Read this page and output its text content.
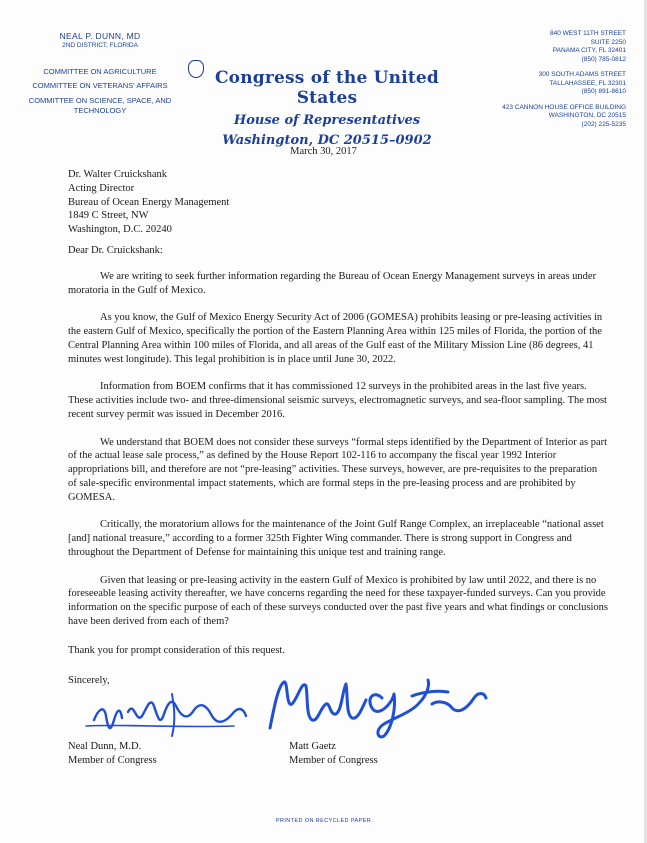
NEAL P. DUNN, MD
2ND DISTRICT, FLORIDA
COMMITTEE ON AGRICULTURE
COMMITTEE ON VETERANS' AFFAIRS
COMMITTEE ON SCIENCE, SPACE, AND TECHNOLOGY
Congress of the United States
House of Representatives
Washington, DC 20515–0902
840 WEST 11TH STREET
SUITE 2250
PANAMA CITY, FL 32401
(850) 785-0812
300 SOUTH ADAMS STREET
TALLAHASSEE, FL 32301
(850) 891-8610
423 CANNON HOUSE OFFICE BUILDING
WASHINGTON, DC 20515
(202) 225-5235
March 30, 2017
Dr. Walter Cruickshank
Acting Director
Bureau of Ocean Energy Management
1849 C Street, NW
Washington, D.C. 20240
Dear Dr. Cruickshank:

We are writing to seek further information regarding the Bureau of Ocean Energy Management surveys in areas under moratoria in the Gulf of Mexico.

As you know, the Gulf of Mexico Energy Security Act of 2006 (GOMESA) prohibits leasing or pre-leasing activities in the eastern Gulf of Mexico, specifically the portion of the Eastern Planning Area within 125 miles of Florida, the portion of the Central Planning Area within 100 miles of Florida, and all areas of the Gulf east of the Military Mission Line (86 degrees, 41 minutes west longitude). This legal prohibition is in place until June 30, 2022.

Information from BOEM confirms that it has commissioned 12 surveys in the prohibited areas in the last five years. These activities include two- and three-dimensional seismic surveys, electromagnetic surveys, and sea-floor sampling. The most recent survey permit was issued in December 2016.

We understand that BOEM does not consider these surveys “formal steps identified by the Department of Interior as part of the actual lease sale process,” as defined by the House Report 102-116 to accompany the fiscal year 1992 Interior appropriations bill, and therefore are not “pre-leasing” activities. These surveys, however, are pre-requisites to the preparation of sale-specific environmental impact statements, which are formal steps in the pre-leasing process and are prohibited by GOMESA.

Critically, the moratorium allows for the maintenance of the Joint Gulf Range Complex, an irreplaceable “national asset [and] national treasure,” according to a former 325th Fighter Wing commander. There is strong support in Congress and throughout the Department of Defense for maintaining this unique test and training range.

Given that leasing or pre-leasing activity in the eastern Gulf of Mexico is prohibited by law until 2022, and there is no foreseeable leasing activity thereafter, we have concerns regarding the need for these taxpayer-funded surveys. Can you provide information on the specific purpose of each of these surveys conducted over the past five years and what findings or conclusions have been derived from each of them?

Thank you for prompt consideration of this request.
Sincerely,
Neal Dunn, M.D.
Member of Congress
Matt Gaetz
Member of Congress
PRINTED ON RECYCLED PAPER
